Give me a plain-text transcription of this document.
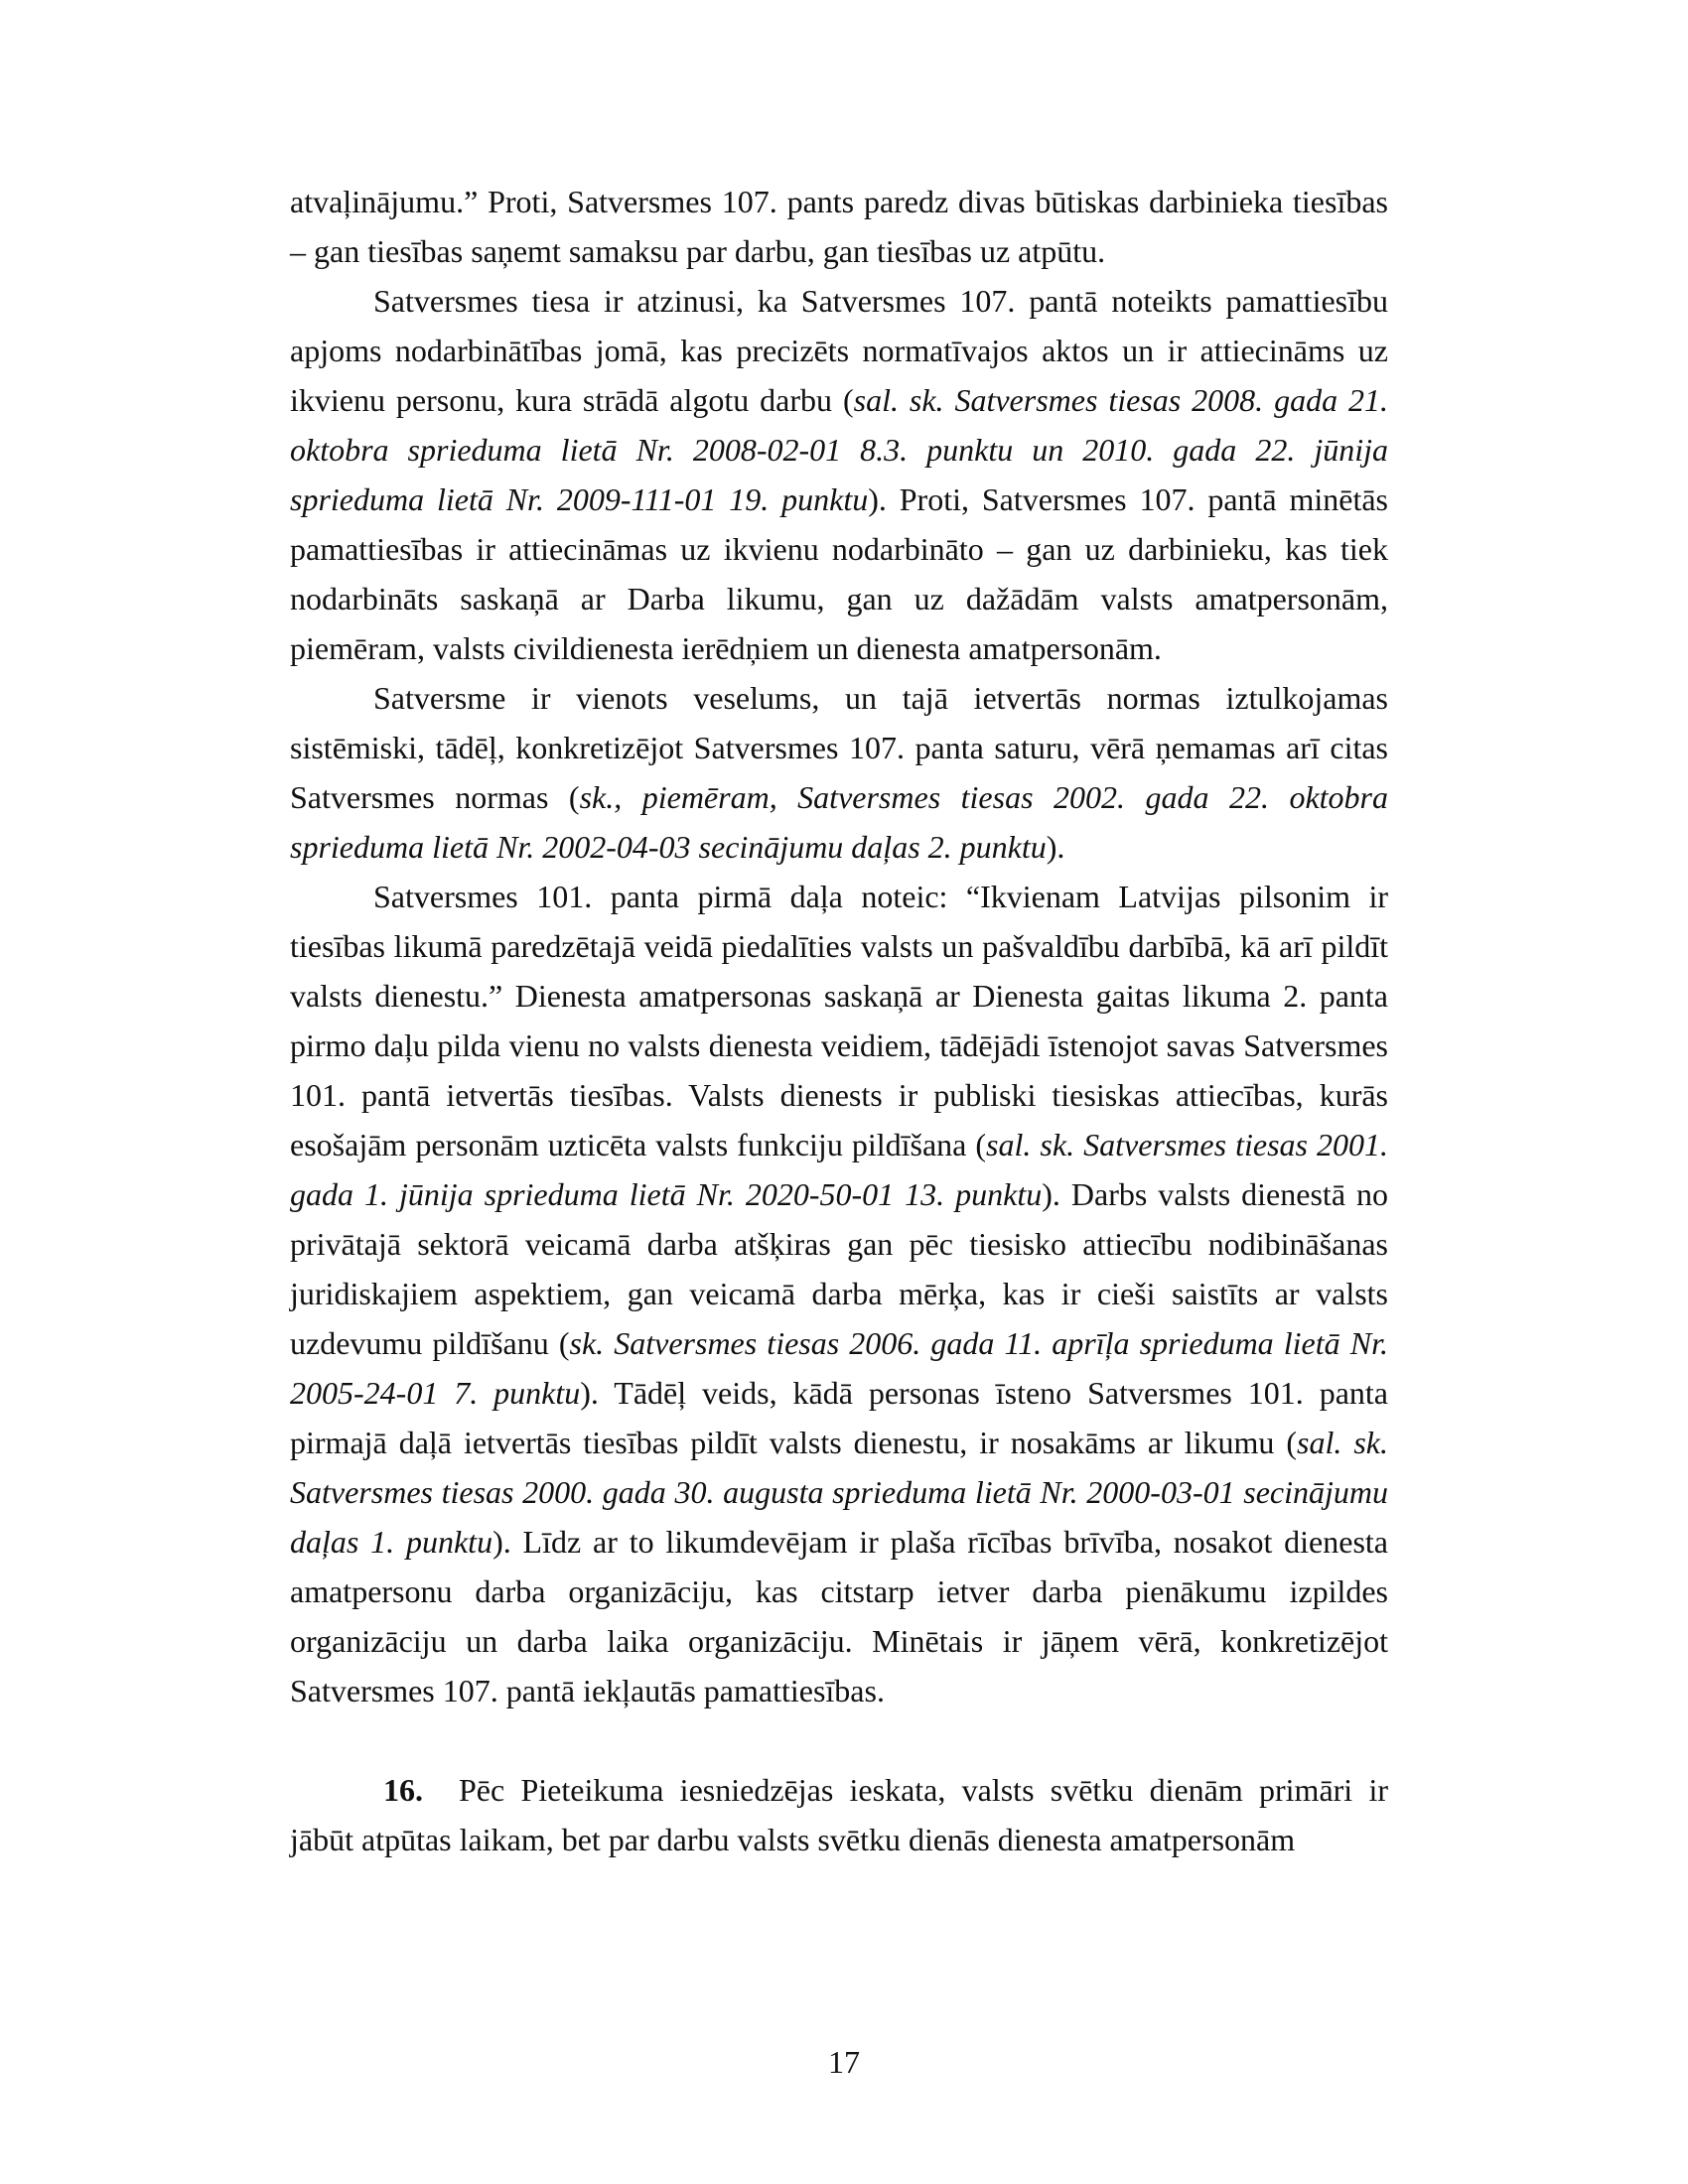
atvaļinājumu.” Proti, Satversmes 107. pants paredz divas būtiskas darbinieka tiesības – gan tiesības saņemt samaksu par darbu, gan tiesības uz atpūtu.

Satversmes tiesa ir atzinusi, ka Satversmes 107. pantā noteikts pamattiesību apjoms nodarbinātības jomā, kas precizēts normatīvajos aktos un ir attiecināms uz ikvienu personu, kura strādā algotu darbu (sal. sk. Satversmes tiesas 2008. gada 21. oktobra sprieduma lietā Nr. 2008-02-01 8.3. punktu un 2010. gada 22. jūnija sprieduma lietā Nr. 2009-111-01 19. punktu). Proti, Satversmes 107. pantā minētās pamattiesības ir attiecināmas uz ikvienu nodarbināto – gan uz darbinieku, kas tiek nodarbināts saskaņā ar Darba likumu, gan uz dažādām valsts amatpersonām, piemēram, valsts civildienesta ierēdņiem un dienesta amatpersonām.

Satversme ir vienots veselums, un tajā ietvertās normas iztulkojamas sistēmiski, tādēļ, konkretizējot Satversmes 107. panta saturu, vērā ņemamas arī citas Satversmes normas (sk., piemēram, Satversmes tiesas 2002. gada 22. oktobra sprieduma lietā Nr. 2002-04-03 secinājumu daļas 2. punktu).

Satversmes 101. panta pirmā daļa noteic: “Ikvienam Latvijas pilsonim ir tiesības likumā paredzētajā veidā piedalīties valsts un pašvaldību darbībā, kā arī pildīt valsts dienestu.” Dienesta amatpersonas saskaņā ar Dienesta gaitas likuma 2. panta pirmo daļu pilda vienu no valsts dienesta veidiem, tādējādi īstenojot savas Satversmes 101. pantā ietvertās tiesības. Valsts dienests ir publiski tiesiskas attiecības, kurās esošajām personām uzticēta valsts funkciju pildīšana (sal. sk. Satversmes tiesas 2001. gada 1. jūnija sprieduma lietā Nr. 2020-50-01 13. punktu). Darbs valsts dienestā no privātajā sektorā veicamā darba atšķiras gan pēc tiesisko attiecību nodibināšanas juridiskajiem aspektiem, gan veicamā darba mērķa, kas ir cieši saistīts ar valsts uzdevumu pildīšanu (sk. Satversmes tiesas 2006. gada 11. aprīļa sprieduma lietā Nr. 2005-24-01 7. punktu). Tādēļ veids, kādā personas īsteno Satversmes 101. panta pirmajā daļā ietvertās tiesības pildīt valsts dienestu, ir nosakāms ar likumu (sal. sk. Satversmes tiesas 2000. gada 30. augusta sprieduma lietā Nr. 2000-03-01 secinājumu daļas 1. punktu). Līdz ar to likumdevējam ir plaša rīcības brīvība, nosakot dienesta amatpersonu darba organizāciju, kas citstarp ietver darba pienākumu izpildes organizāciju un darba laika organizāciju. Minētais ir jāņem vērā, konkretizējot Satversmes 107. pantā iekļautās pamattiesības.

16. Pēc Pieteikuma iesniedzējas ieskata, valsts svētku dienām primāri ir jābūt atpūtas laikam, bet par darbu valsts svētku dienās dienesta amatpersonām

17
